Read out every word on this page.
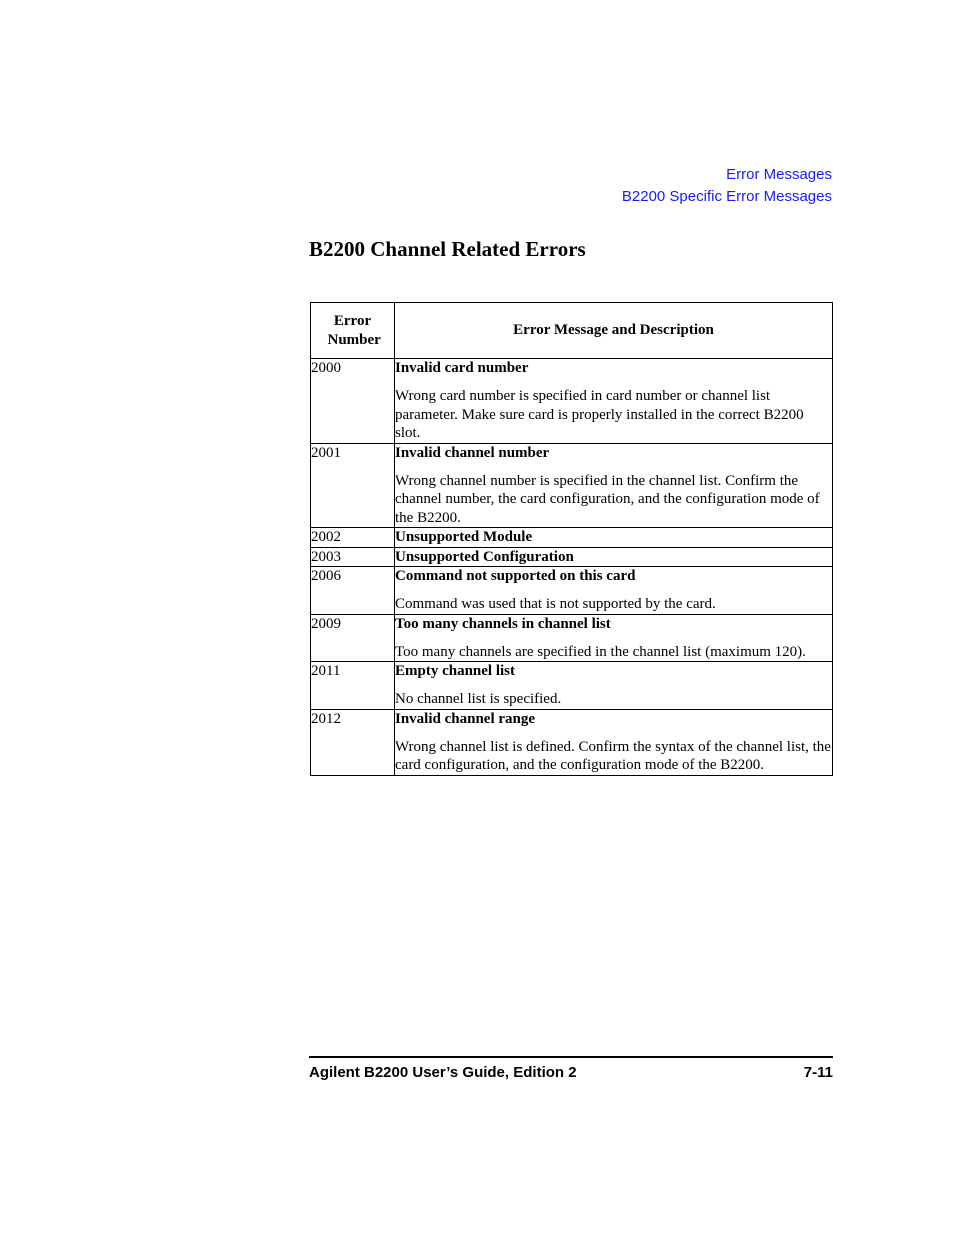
Error Messages
B2200 Specific Error Messages
B2200 Channel Related Errors
Error Number	Error Message and Description
2000	Invalid card number
Wrong card number is specified in card number or channel list parameter. Make sure card is properly installed in the correct B2200 slot.

2001	Invalid channel number
Wrong channel number is specified in the channel list. Confirm the channel number, the card configuration, and the configuration mode of the B2200.

2002	Unsupported Module

2003	Unsupported Configuration

2006	Command not supported on this card
Command was used that is not supported by the card.

2009	Too many channels in channel list
Too many channels are specified in the channel list (maximum 120).

2011	Empty channel list
No channel list is specified.

2012	Invalid channel range
Wrong channel list is defined. Confirm the syntax of the channel list, the card configuration, and the configuration mode of the B2200.
Agilent B2200 User’s Guide, Edition 2	7-11
